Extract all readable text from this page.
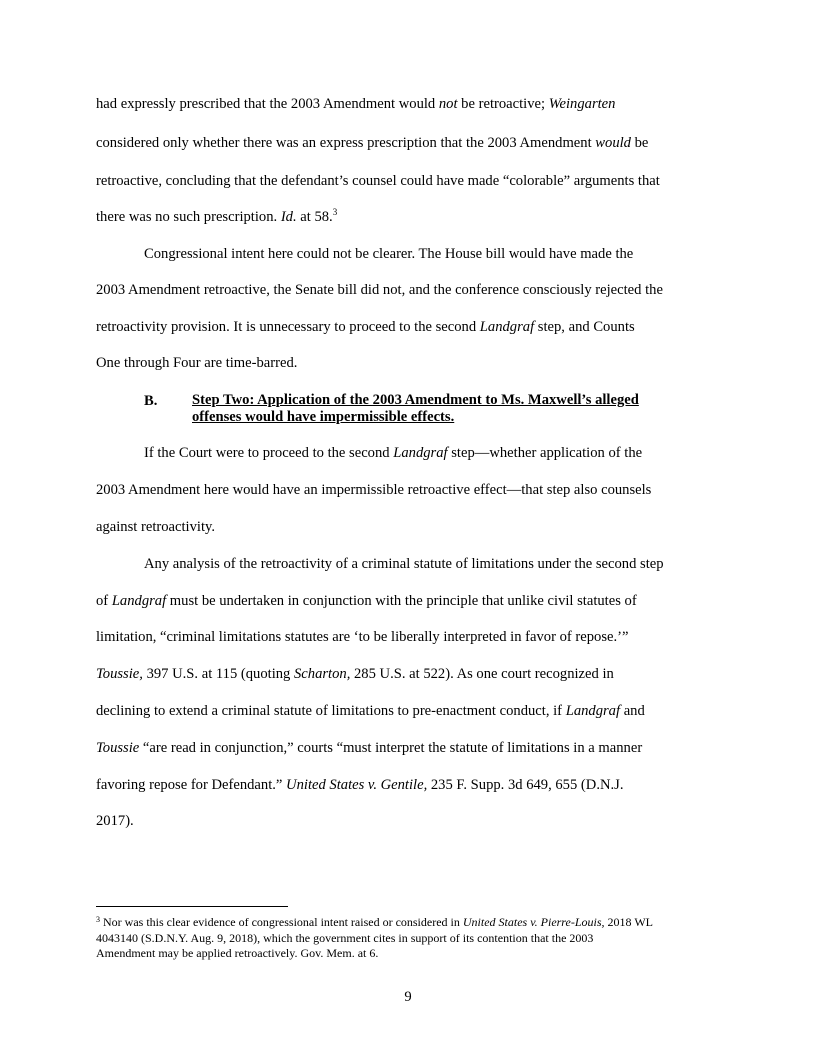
had expressly prescribed that the 2003 Amendment would not be retroactive; Weingarten
considered only whether there was an express prescription that the 2003 Amendment would be
retroactive, concluding that the defendant’s counsel could have made “colorable” arguments that
there was no such prescription. Id. at 58.$^3$
Congressional intent here could not be clearer. The House bill would have made the
2003 Amendment retroactive, the Senate bill did not, and the conference consciously rejected the
retroactivity provision. It is unnecessary to proceed to the second Landgraf step, and Counts
One through Four are time-barred.
B. Step Two: Application of the 2003 Amendment to Ms. Maxwell’s alleged
offenses would have impermissible effects.
If the Court were to proceed to the second Landgraf step—whether application of the
2003 Amendment here would have an impermissible retroactive effect—that step also counsels
against retroactivity.
Any analysis of the retroactivity of a criminal statute of limitations under the second step
of Landgraf must be undertaken in conjunction with the principle that unlike civil statutes of
limitation, “criminal limitations statutes are ‘to be liberally interpreted in favor of repose.’”
Toussie, 397 U.S. at 115 (quoting Scharton, 285 U.S. at 522). As one court recognized in
declining to extend a criminal statute of limitations to pre-enactment conduct, if Landgraf and
Toussie “are read in conjunction,” courts “must interpret the statute of limitations in a manner
favoring repose for Defendant.” United States v. Gentile, 235 F. Supp. 3d 649, 655 (D.N.J.
2017).
$^3$ Nor was this clear evidence of congressional intent raised or considered in United States v. Pierre-Louis, 2018 WL
4043140 (S.D.N.Y. Aug. 9, 2018), which the government cites in support of its contention that the 2003
Amendment may be applied retroactively. Gov. Mem. at 6.
9
